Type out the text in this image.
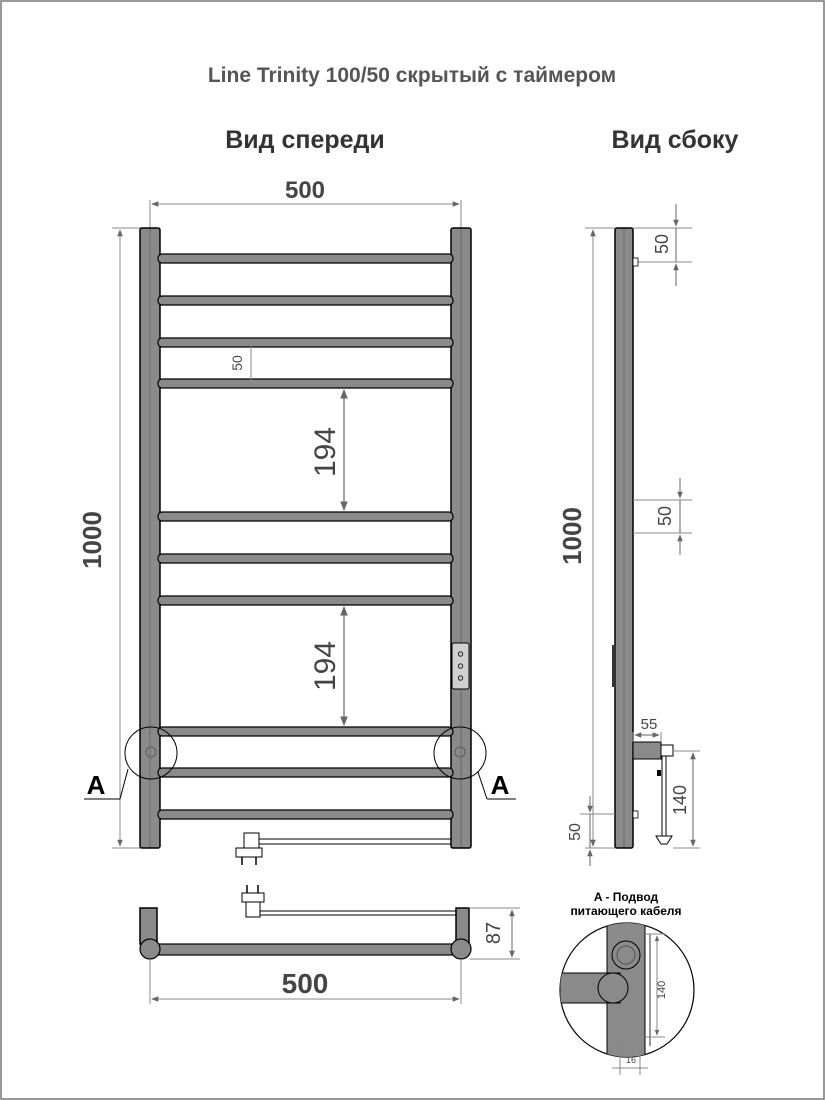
Line Trinity 100/50 скрытый с таймером
Вид спереди
500
1000
50
194
194
A	A
Вид сбоку
50
50
1000
55
140
50
87
500
A - Подвод
питающего кабеля
140
16
